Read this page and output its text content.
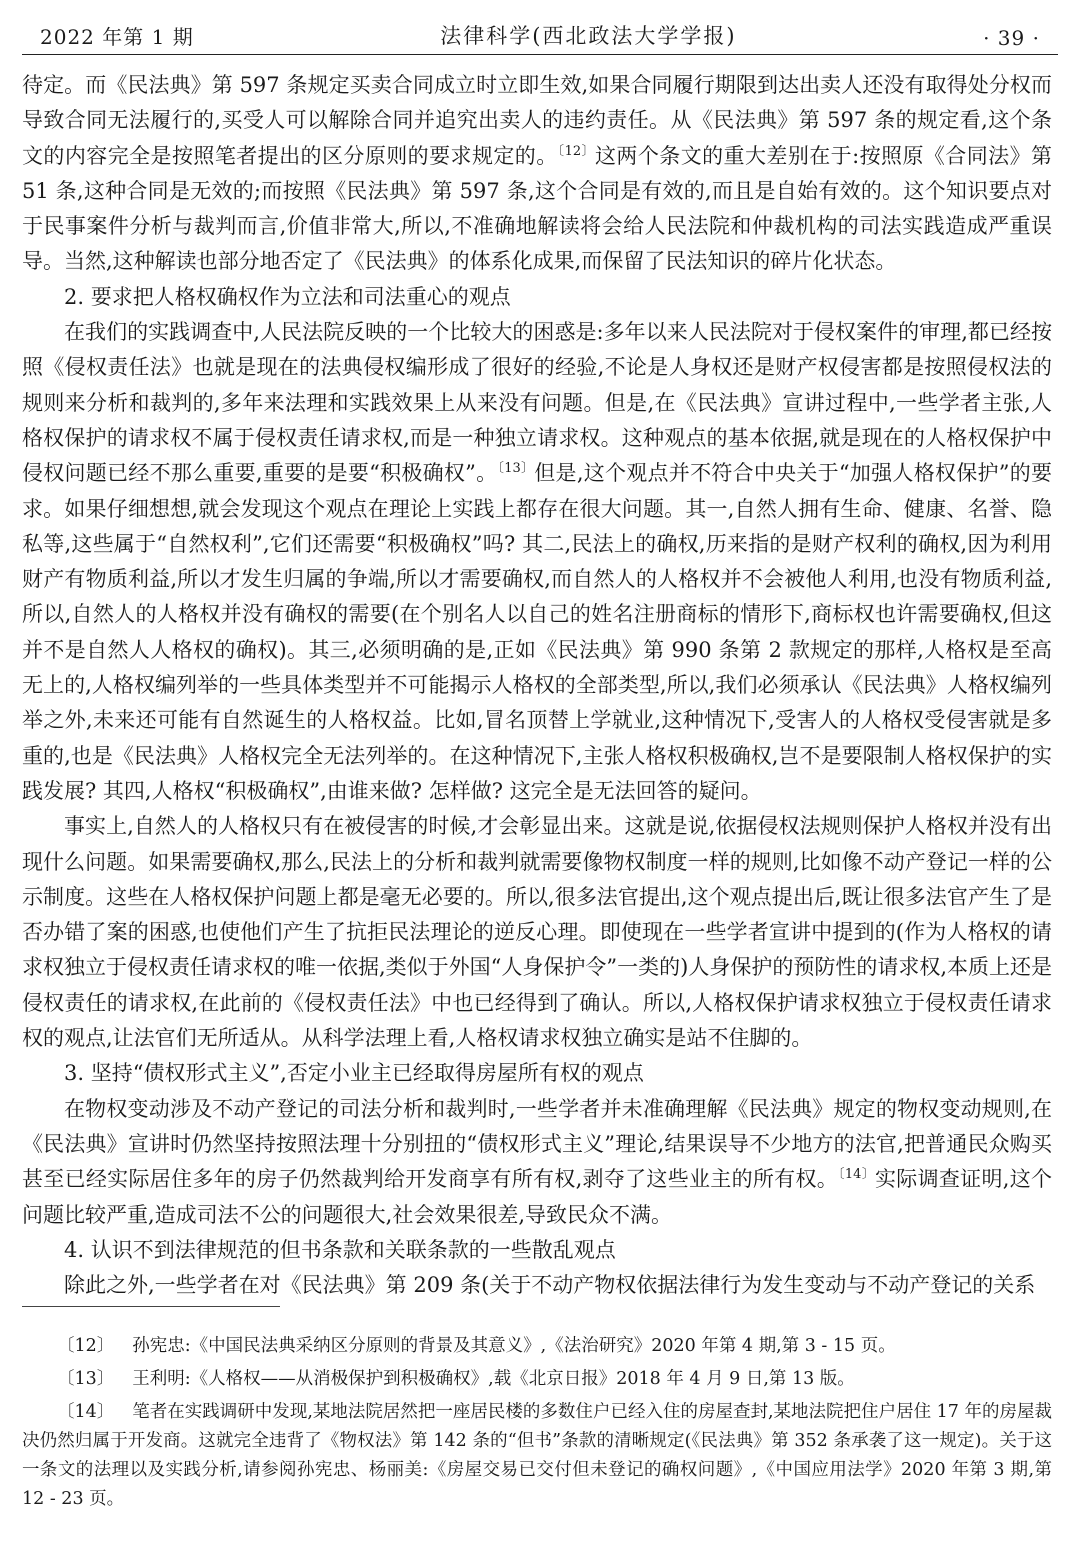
2022 年第 1 期	法律科学(西北政法大学学报)	· 39 ·

待定。而《民法典》第 597 条规定买卖合同成立时立即生效,如果合同履行期限到达出卖人还没有取得处分权而导致合同无法履行的,买受人可以解除合同并追究出卖人的违约责任。从《民法典》第 597 条的规定看,这个条文的内容完全是按照笔者提出的区分原则的要求规定的。$^{〔12〕}$这两个条文的重大差别在于:按照原《合同法》第 51 条,这种合同是无效的;而按照《民法典》第 597 条,这个合同是有效的,而且是自始有效的。这个知识要点对于民事案件分析与裁判而言,价值非常大,所以,不准确地解读将会给人民法院和仲裁机构的司法实践造成严重误导。当然,这种解读也部分地否定了《民法典》的体系化成果,而保留了民法知识的碎片化状态。

2. 要求把人格权确权作为立法和司法重心的观点

在我们的实践调查中,人民法院反映的一个比较大的困惑是:多年以来人民法院对于侵权案件的审理,都已经按照《侵权责任法》也就是现在的法典侵权编形成了很好的经验,不论是人身权还是财产权侵害都是按照侵权法的规则来分析和裁判的,多年来法理和实践效果上从来没有问题。但是,在《民法典》宣讲过程中,一些学者主张,人格权保护的请求权不属于侵权责任请求权,而是一种独立请求权。这种观点的基本依据,就是现在的人格权保护中侵权问题已经不那么重要,重要的是要“积极确权”。$^{〔13〕}$但是,这个观点并不符合中央关于“加强人格权保护”的要求。如果仔细想想,就会发现这个观点在理论上实践上都存在很大问题。其一,自然人拥有生命、健康、名誉、隐私等,这些属于“自然权利”,它们还需要“积极确权”吗? 其二,民法上的确权,历来指的是财产权利的确权,因为利用财产有物质利益,所以才发生归属的争端,所以才需要确权,而自然人的人格权并不会被他人利用,也没有物质利益,所以,自然人的人格权并没有确权的需要(在个别名人以自己的姓名注册商标的情形下,商标权也许需要确权,但这并不是自然人人格权的确权)。其三,必须明确的是,正如《民法典》第 990 条第 2 款规定的那样,人格权是至高无上的,人格权编列举的一些具体类型并不可能揭示人格权的全部类型,所以,我们必须承认《民法典》人格权编列举之外,未来还可能有自然诞生的人格权益。比如,冒名顶替上学就业,这种情况下,受害人的人格权受侵害就是多重的,也是《民法典》人格权完全无法列举的。在这种情况下,主张人格权积极确权,岂不是要限制人格权保护的实践发展? 其四,人格权“积极确权”,由谁来做? 怎样做? 这完全是无法回答的疑问。

事实上,自然人的人格权只有在被侵害的时候,才会彰显出来。这就是说,依据侵权法规则保护人格权并没有出现什么问题。如果需要确权,那么,民法上的分析和裁判就需要像物权制度一样的规则,比如像不动产登记一样的公示制度。这些在人格权保护问题上都是毫无必要的。所以,很多法官提出,这个观点提出后,既让很多法官产生了是否办错了案的困惑,也使他们产生了抗拒民法理论的逆反心理。即使现在一些学者宣讲中提到的(作为人格权的请求权独立于侵权责任请求权的唯一依据,类似于外国“人身保护令”一类的)人身保护的预防性的请求权,本质上还是侵权责任的请求权,在此前的《侵权责任法》中也已经得到了确认。所以,人格权保护请求权独立于侵权责任请求权的观点,让法官们无所适从。从科学法理上看,人格权请求权独立确实是站不住脚的。

3. 坚持“债权形式主义”,否定小业主已经取得房屋所有权的观点

在物权变动涉及不动产登记的司法分析和裁判时,一些学者并未准确理解《民法典》规定的物权变动规则,在《民法典》宣讲时仍然坚持按照法理十分别扭的“债权形式主义”理论,结果误导不少地方的法官,把普通民众购买甚至已经实际居住多年的房子仍然裁判给开发商享有所有权,剥夺了这些业主的所有权。$^{〔14〕}$实际调查证明,这个问题比较严重,造成司法不公的问题很大,社会效果很差,导致民众不满。

4. 认识不到法律规范的但书条款和关联条款的一些散乱观点

除此之外,一些学者在对《民法典》第 209 条(关于不动产物权依据法律行为发生变动与不动产登记的关系

〔12〕 孙宪忠:《中国民法典采纳区分原则的背景及其意义》,《法治研究》2020 年第 4 期,第 3 - 15 页。

〔13〕 王利明:《人格权——从消极保护到积极确权》,载《北京日报》2018 年 4 月 9 日,第 13 版。

〔14〕 笔者在实践调研中发现,某地法院居然把一座居民楼的多数住户已经入住的房屋查封,某地法院把住户居住 17 年的房屋裁决仍然归属于开发商。这就完全违背了《物权法》第 142 条的“但书”条款的清晰规定(《民法典》第 352 条承袭了这一规定)。关于这一条文的法理以及实践分析,请参阅孙宪忠、杨丽美:《房屋交易已交付但未登记的确权问题》,《中国应用法学》2020 年第 3 期,第 12 - 23 页。
